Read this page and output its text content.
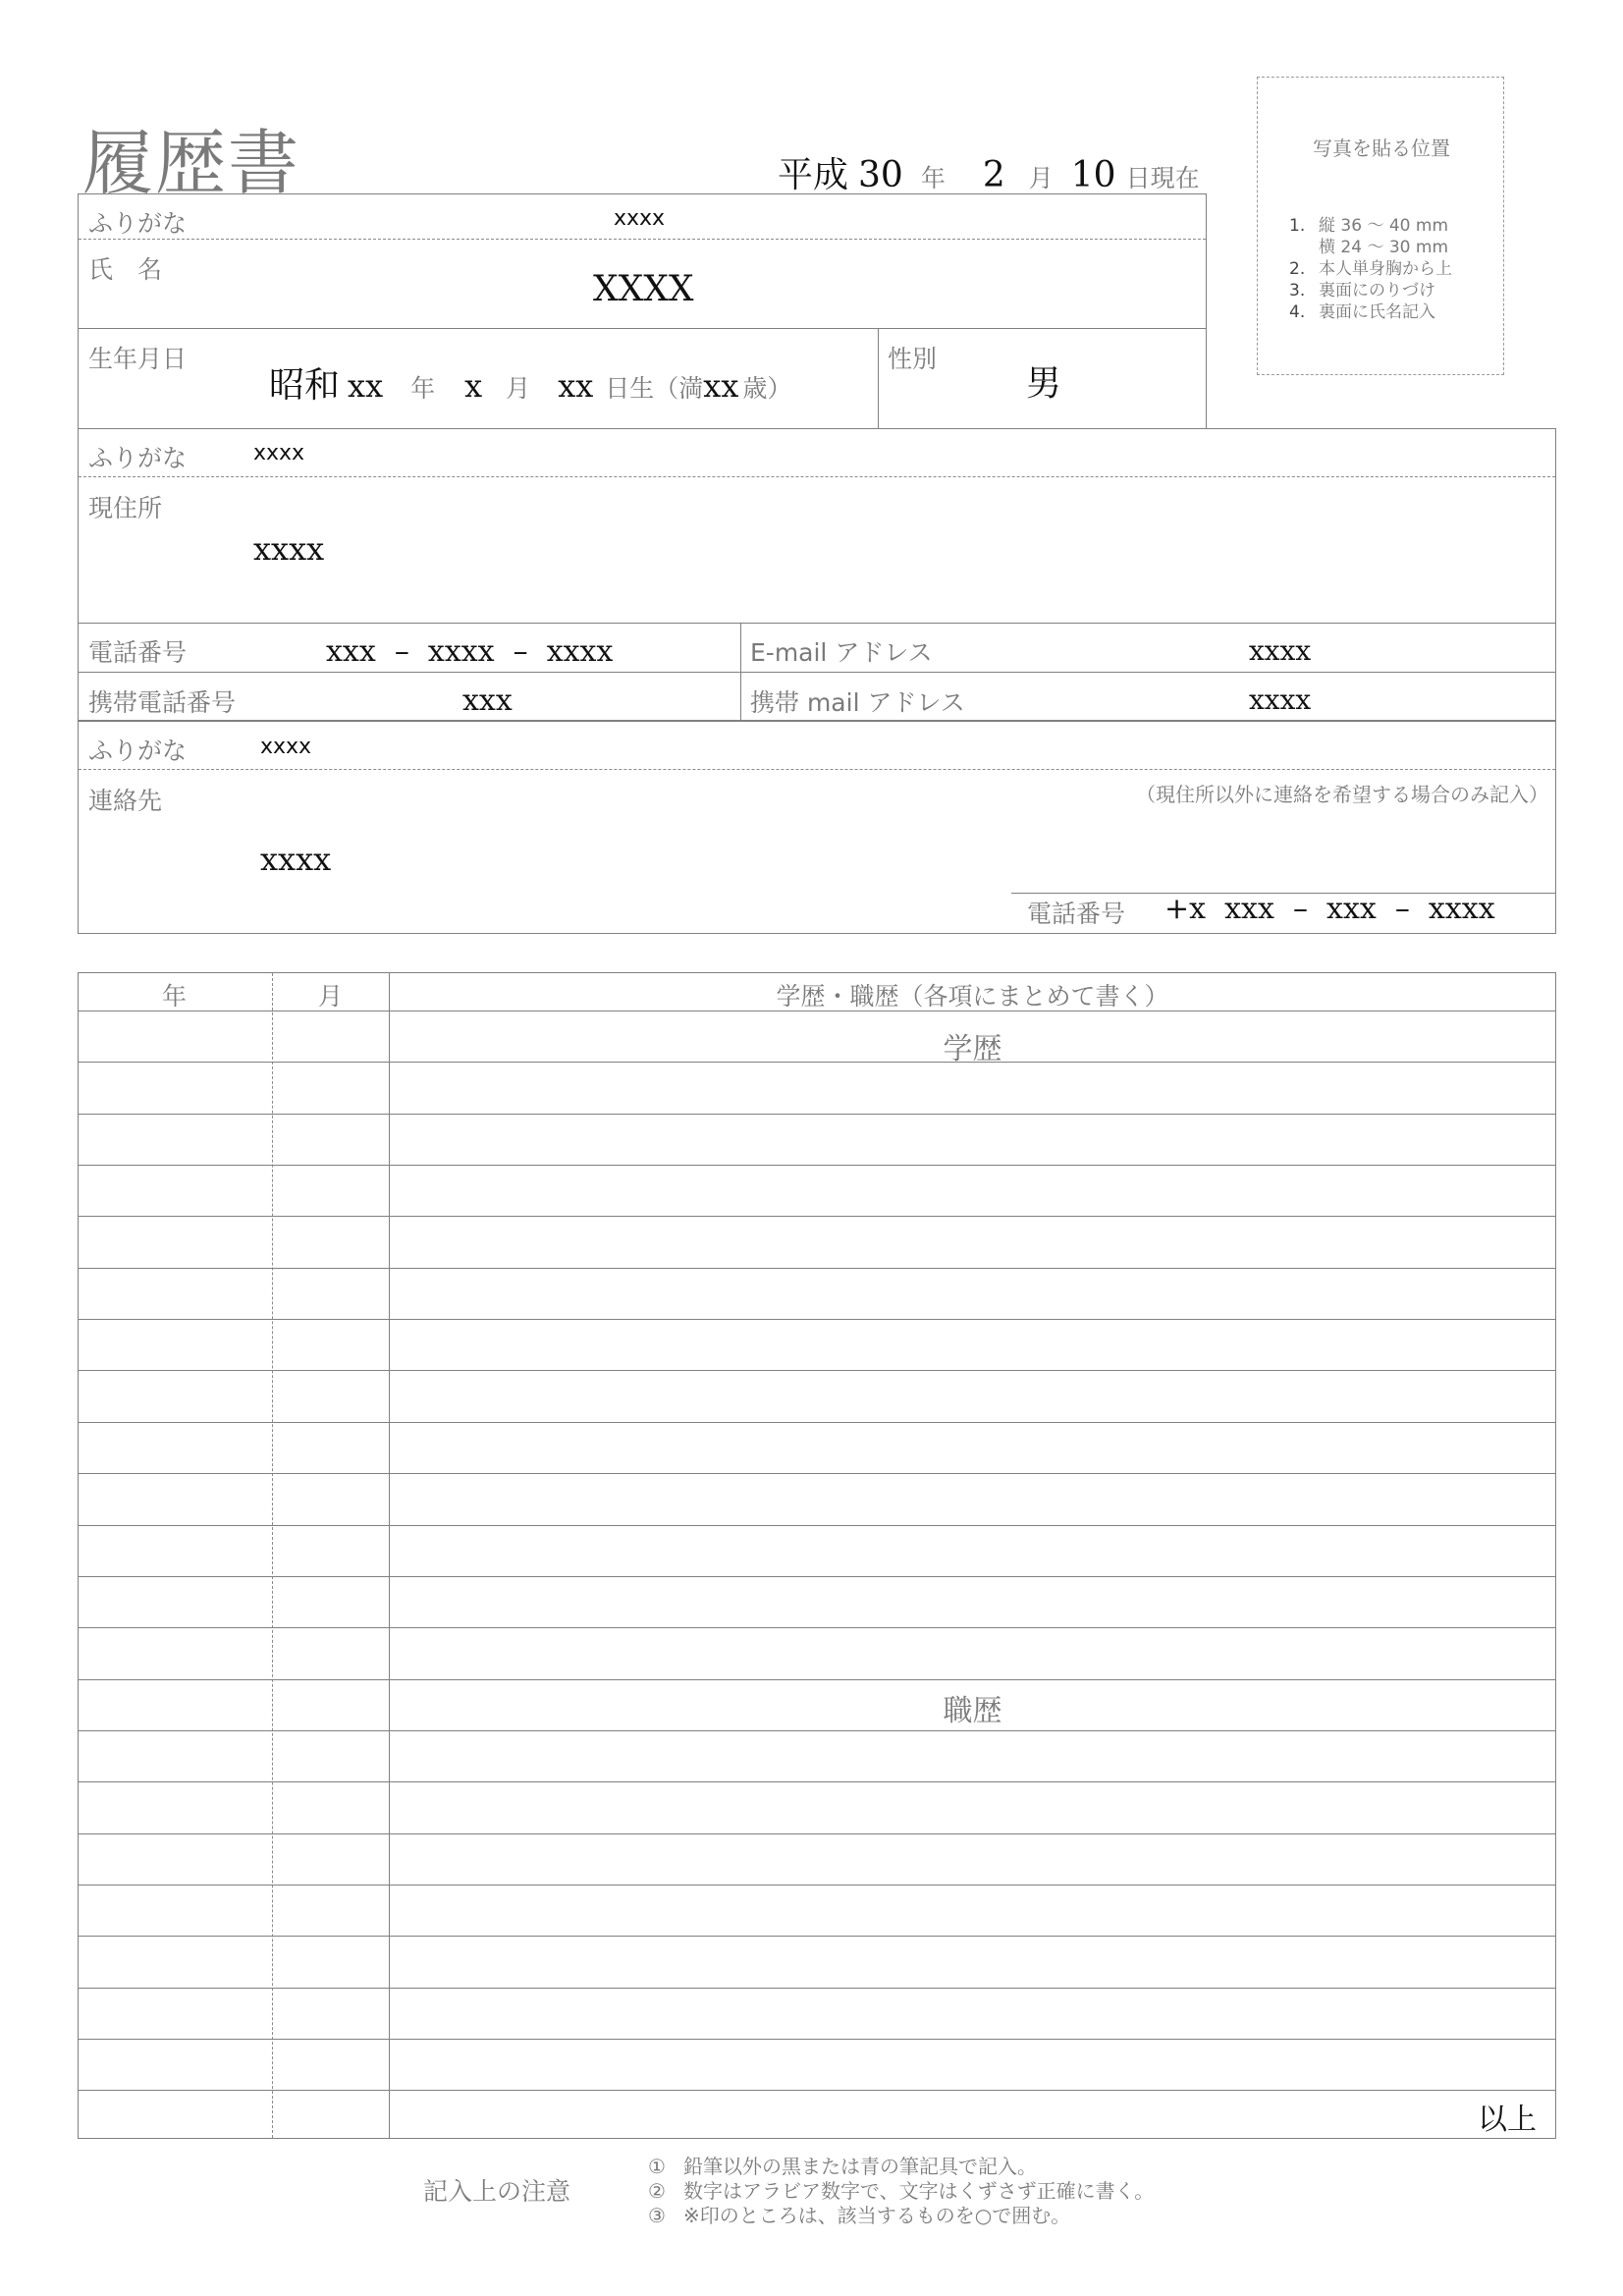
履歴書	平成 30 年 2 月 10 日現在
写真を貼る位置
1. 縦 36 〜 40 mm
横 24 〜 30 mm
2. 本人単身胸から上
3. 裏面にのりづけ
4. 裏面に氏名記入
ふりがな	xxxx
氏　名	XXXX
生年月日
昭和 xx 年 x 月 xx 日生（満 xx 歳）
性別
男
ふりがな	xxxx
現住所
xxxx
電話番号	xxx  –  xxxx  –  xxxx	E-mail アドレス	xxxx
携帯電話番号	xxx	携帯 mail アドレス	xxxx
ふりがな	xxxx
連絡先	（現住所以外に連絡を希望する場合のみ記入）
xxxx
電話番号 +x  xxx  –  xxx  –  xxxx
年	月	学歴・職歴（各項にまとめて書く）
学歴
職歴
以上
記入上の注意
① 鉛筆以外の黒または青の筆記具で記入。
② 数字はアラビア数字で、文字はくずさず正確に書く。
③ ※印のところは、該当するものを○で囲む。
